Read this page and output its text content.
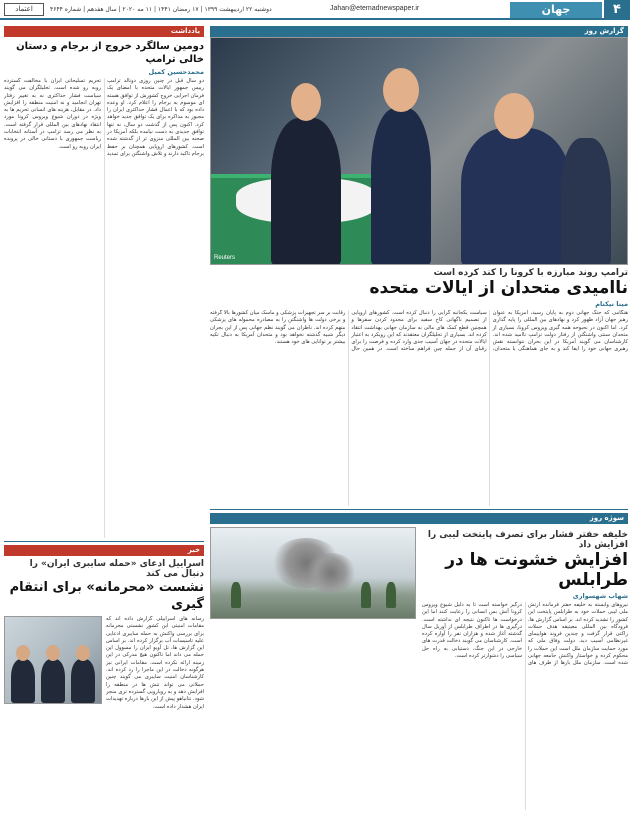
۴
جهان
Jahan@etemadnewspaper.ir
دوشنبه ۲۲ اردیبهشت ۱۳۹۹ | ۱۷ رمضان ۱۴۴۱ | ۱۱ مه ۲۰۲۰ | سال هفدهم | شماره ۴۶۴۴
اعتماد
گزارش روز
Reuters
ترامپ روند مبارزه با کرونا را کند کرده است
ناامیدی متحدان از ایالات متحده
مینا نیکنام
هنگامی که جنگ جهانی دوم به پایان رسید، آمریکا به عنوان رهبر جهان آزاد ظهور کرد و نهادهای بین المللی را پایه گذاری کرد. اما اکنون در بحبوحه همه گیری ویروس کرونا، بسیاری از متحدان سنتی واشنگتن از رفتار دولت ترامپ ناامید شده اند. کارشناسان می گویند آمریکا در این بحران نتوانسته نقش رهبری جهانی خود را ایفا کند و به جای هماهنگی با متحدان، سیاست یکجانبه گرایی را دنبال کرده است. کشورهای اروپایی از تصمیم ناگهانی کاخ سفید برای محدود کردن سفرها و همچنین قطع کمک های مالی به سازمان جهانی بهداشت انتقاد کرده اند. بسیاری از تحلیلگران معتقدند که این رویکرد به اعتبار ایالات متحده در جهان آسیب جدی وارد کرده و فرصت را برای رقبای آن از جمله چین فراهم ساخته است. در همین حال رقابت بر سر تجهیزات پزشکی و ماسک میان کشورها بالا گرفته و برخی دولت ها واشنگتن را به مصادره محموله های پزشکی متهم کرده اند. ناظران می گویند نظم جهانی پس از این بحران دیگر شبیه گذشته نخواهد بود و متحدان آمریکا به دنبال تکیه بیشتر بر توانایی های خود هستند.
سوژه روز
خلیفه حفتر فشار برای تصرف پایتخت لیبی را افزایش داد
افزایش خشونت ها در طرابلس
شهاب شهسواری
نیروهای وابسته به خلیفه حفتر فرمانده ارتش ملی لیبی حملات خود به طرابلس پایتخت این کشور را تشدید کرده اند. بر اساس گزارش ها، فرودگاه بین المللی معیتیقه هدف حملات راکتی قرار گرفت و چندین فروند هواپیمای غیرنظامی آسیب دید. دولت وفاق ملی که مورد حمایت سازمان ملل است این حملات را محکوم کرده و خواستار واکنش جامعه جهانی شده است. سازمان ملل بارها از طرف های درگیر خواسته است تا به دلیل شیوع ویروس کرونا آتش بس انسانی را رعایت کنند اما این درخواست ها تاکنون نتیجه ای نداشته است. درگیری ها در اطراف طرابلس از آوریل سال گذشته آغاز شده و هزاران نفر را آواره کرده است. کارشناسان می گویند دخالت قدرت های خارجی در این جنگ، دستیابی به راه حل سیاسی را دشوارتر کرده است.
یادداشت
دومین سالگرد خروج از برجام و دستان خالی ترامپ
محمدحسین کمیل
دو سال قبل در چنین روزی دونالد ترامپ رییس جمهور ایالات متحده با امضای یک فرمان اجرایی خروج کشورش از توافق هسته ای موسوم به برجام را اعلام کرد. او وعده داده بود که با اعمال فشار حداکثری ایران را مجبور به مذاکره برای یک توافق جدید خواهد کرد. اکنون پس از گذشت دو سال، نه تنها توافق جدیدی به دست نیامده بلکه آمریکا در صحنه بین المللی منزوی تر از گذشته شده است. کشورهای اروپایی همچنان بر حفظ برجام تاکید دارند و تلاش واشنگتن برای تمدید تحریم تسلیحاتی ایران با مخالفت گسترده روبه رو شده است. تحلیلگران می گویند سیاست فشار حداکثری نه به تغییر رفتار تهران انجامید و نه امنیت منطقه را افزایش داد. در مقابل، هزینه های انسانی تحریم ها به ویژه در دوران شیوع ویروس کرونا مورد انتقاد نهادهای بین المللی قرار گرفته است. به نظر می رسد ترامپ در آستانه انتخابات ریاست جمهوری با دستانی خالی در پرونده ایران روبه رو است.
خبر
اسراییل ادعای «حمله سایبری ایران» را دنبال می کند
نشست «محرمانه» برای انتقام گیری
رسانه های اسراییلی گزارش داده اند که مقامات امنیتی این کشور نشستی محرمانه برای بررسی واکنش به حمله سایبری ادعایی علیه تاسیسات آب برگزار کرده اند. بر اساس این گزارش ها، تل آویو ایران را مسوول این حمله می داند اما تاکنون هیچ مدرکی در این زمینه ارائه نکرده است. مقامات ایرانی نیز هرگونه دخالت در این ماجرا را رد کرده اند. کارشناسان امنیت سایبری می گویند چنین حملاتی می تواند تنش ها در منطقه را افزایش دهد و به رویارویی گسترده تری منجر شود. نتانیاهو پیش از این بارها درباره تهدیدات ایران هشدار داده است.
